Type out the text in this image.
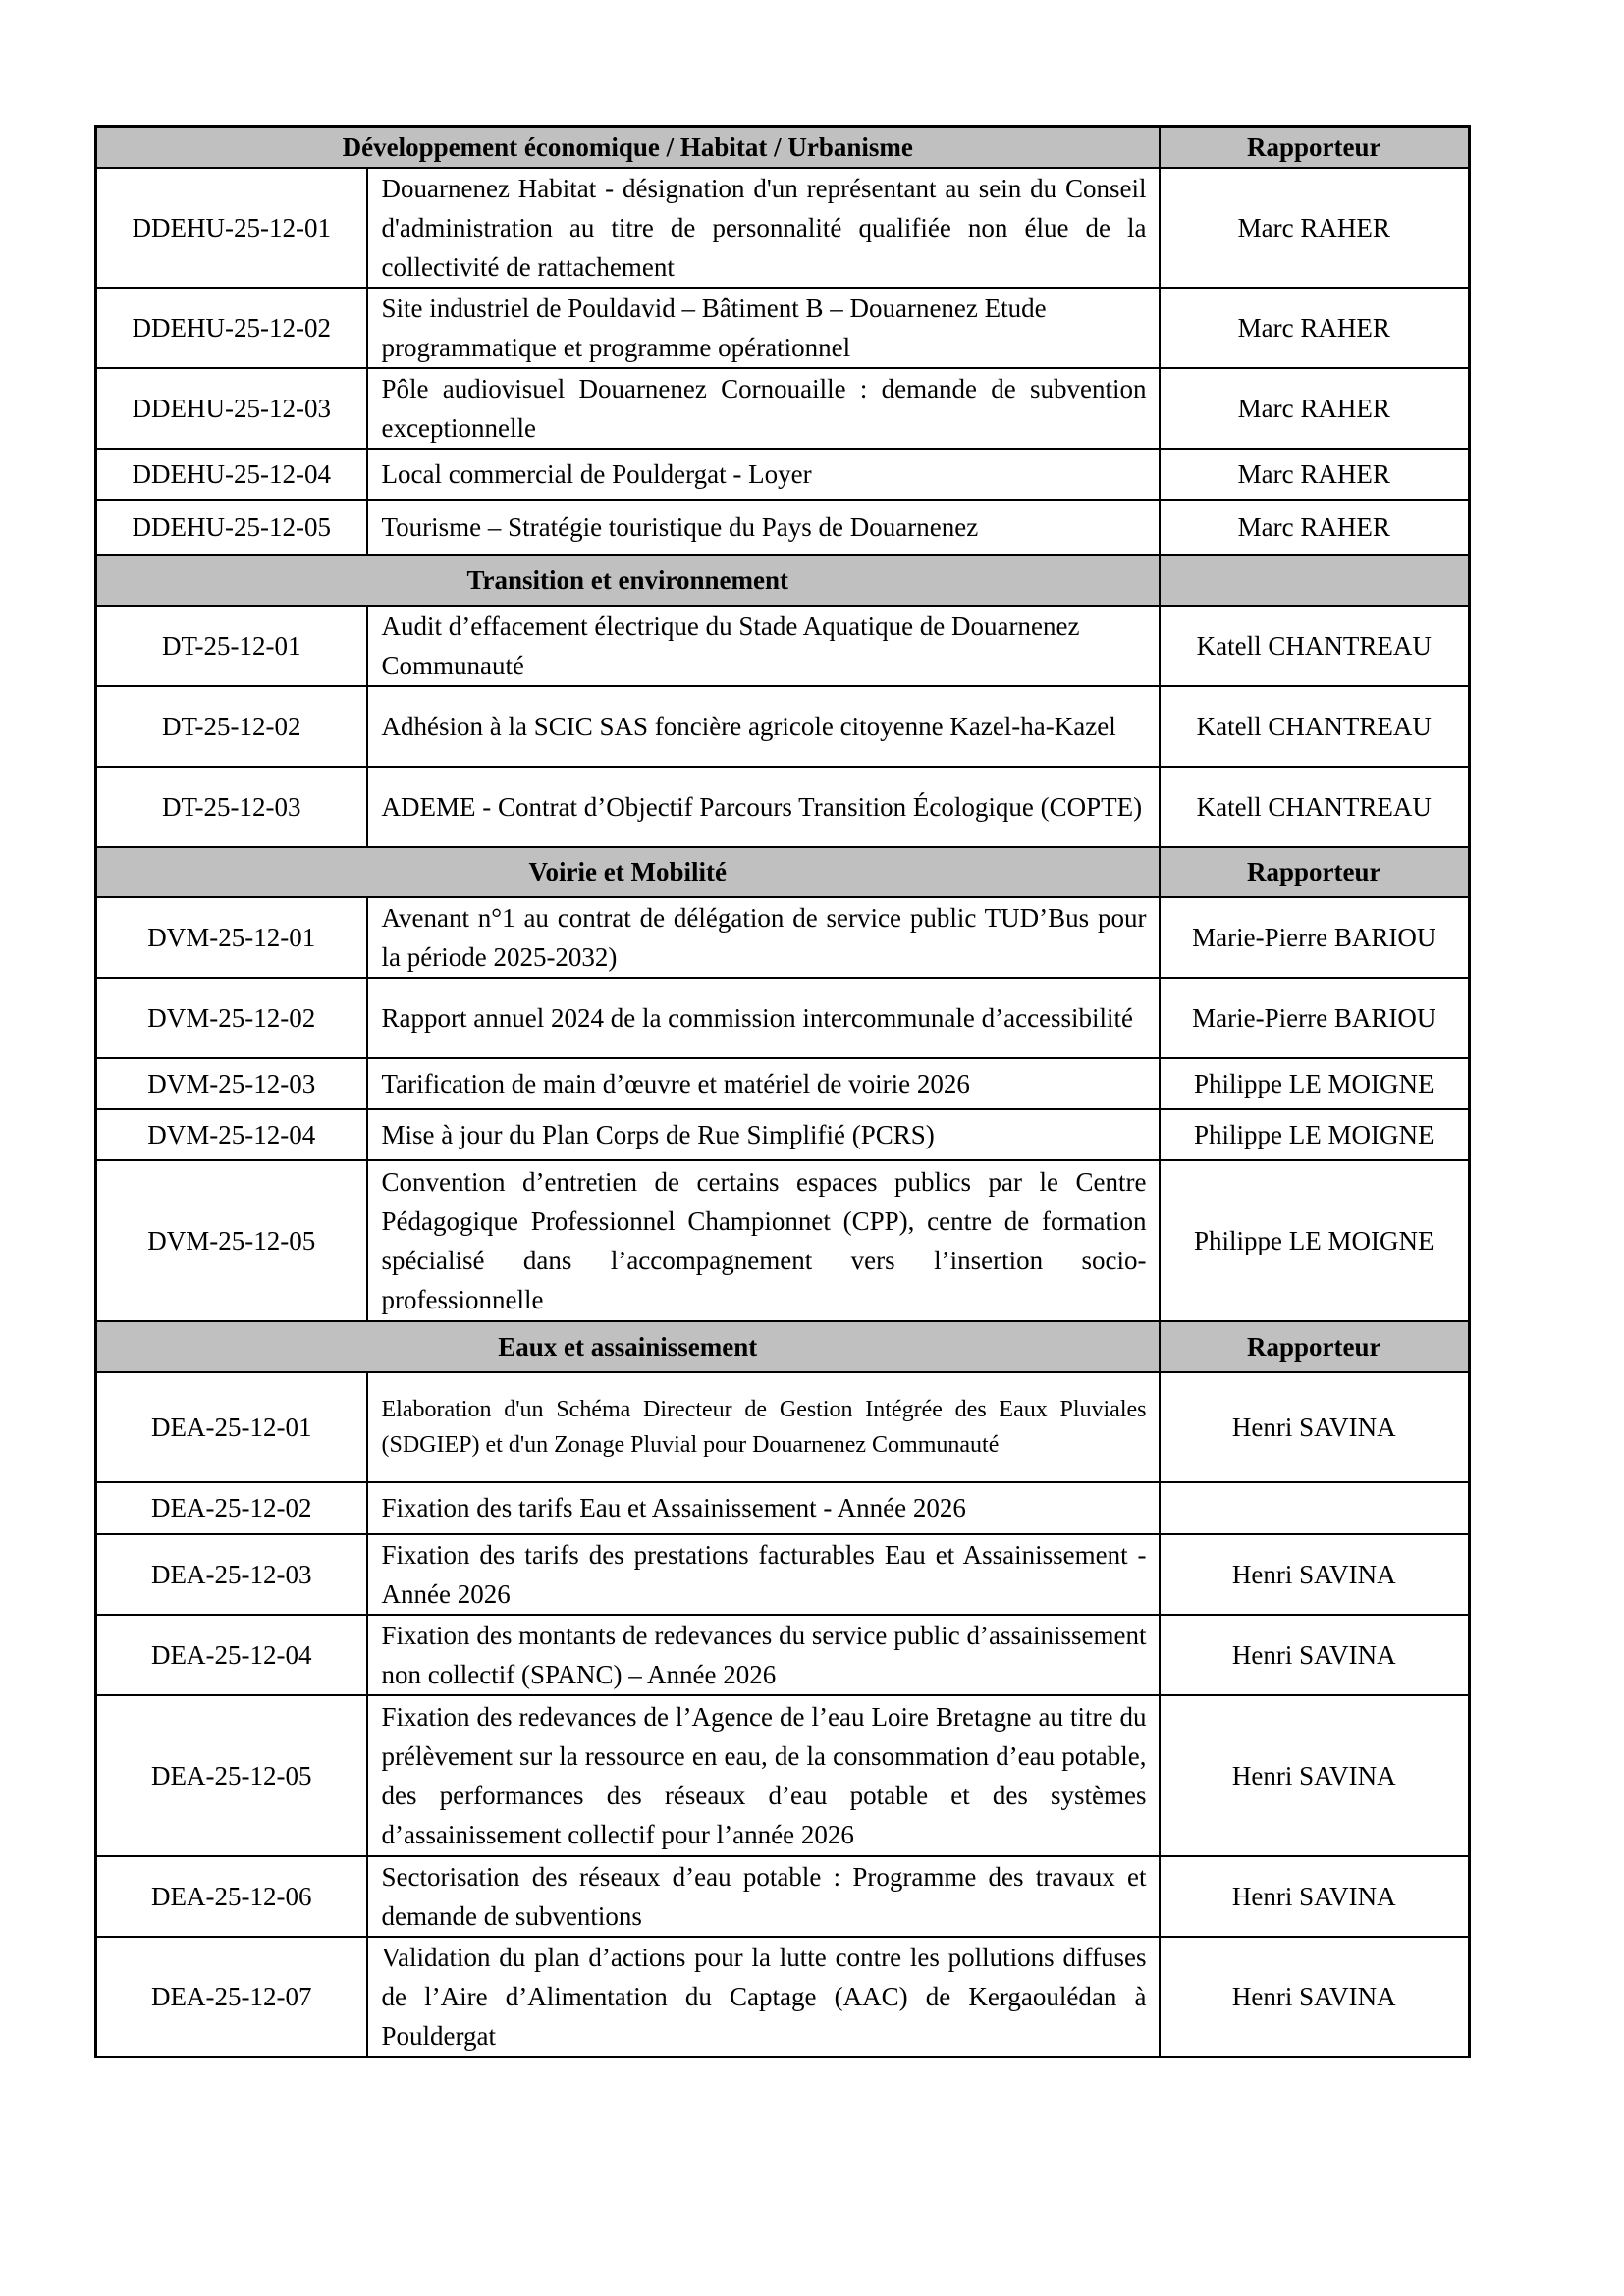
Développement économique / Habitat / Urbanisme		Rapporteur
DDEHU-25-12-01	Douarnenez Habitat - désignation d'un représentant au sein du Conseil d'administration au titre de personnalité qualifiée non élue de la collectivité de rattachement	Marc RAHER
DDEHU-25-12-02	Site industriel de Pouldavid – Bâtiment B – Douarnenez Etude programmatique et programme opérationnel	Marc RAHER
DDEHU-25-12-03	Pôle audiovisuel Douarnenez Cornouaille : demande de subvention exceptionnelle	Marc RAHER
DDEHU-25-12-04	Local commercial de Pouldergat - Loyer	Marc RAHER
DDEHU-25-12-05	Tourisme – Stratégie touristique du Pays de Douarnenez	Marc RAHER
Transition et environnement		
DT-25-12-01	Audit d’effacement électrique du Stade Aquatique de Douarnenez Communauté	Katell CHANTREAU
DT-25-12-02	Adhésion à la SCIC SAS foncière agricole citoyenne Kazel-ha-Kazel	Katell CHANTREAU
DT-25-12-03	ADEME - Contrat d’Objectif Parcours Transition Écologique (COPTE)	Katell CHANTREAU
Voirie et Mobilité		Rapporteur
DVM-25-12-01	Avenant n°1 au contrat de délégation de service public TUD’Bus pour la période 2025-2032)	Marie-Pierre BARIOU
DVM-25-12-02	Rapport annuel 2024 de la commission intercommunale d’accessibilité	Marie-Pierre BARIOU
DVM-25-12-03	Tarification de main d’œuvre et matériel de voirie 2026	Philippe LE MOIGNE
DVM-25-12-04	Mise à jour du Plan Corps de Rue Simplifié (PCRS)	Philippe LE MOIGNE
DVM-25-12-05	Convention d’entretien de certains espaces publics par le Centre Pédagogique Professionnel Championnet (CPP), centre de formation spécialisé dans l’accompagnement vers l’insertion socio-professionnelle	Philippe LE MOIGNE
Eaux et assainissement		Rapporteur
DEA-25-12-01	Elaboration d'un Schéma Directeur de Gestion Intégrée des Eaux Pluviales (SDGIEP) et d'un Zonage Pluvial pour Douarnenez Communauté	Henri SAVINA
DEA-25-12-02	Fixation des tarifs Eau et Assainissement - Année 2026	
DEA-25-12-03	Fixation des tarifs des prestations facturables Eau et Assainissement - Année 2026	Henri SAVINA
DEA-25-12-04	Fixation des montants de redevances du service public d’assainissement non collectif (SPANC) – Année 2026	Henri SAVINA
DEA-25-12-05	Fixation des redevances de l’Agence de l’eau Loire Bretagne au titre du prélèvement sur la ressource en eau, de la consommation d’eau potable, des performances des réseaux d’eau potable et des systèmes d’assainissement collectif pour l’année 2026	Henri SAVINA
DEA-25-12-06	Sectorisation des réseaux d’eau potable : Programme des travaux et demande de subventions	Henri SAVINA
DEA-25-12-07	Validation du plan d’actions pour la lutte contre les pollutions diffuses de l’Aire d’Alimentation du Captage (AAC) de Kergaoulédan à Pouldergat	Henri SAVINA
